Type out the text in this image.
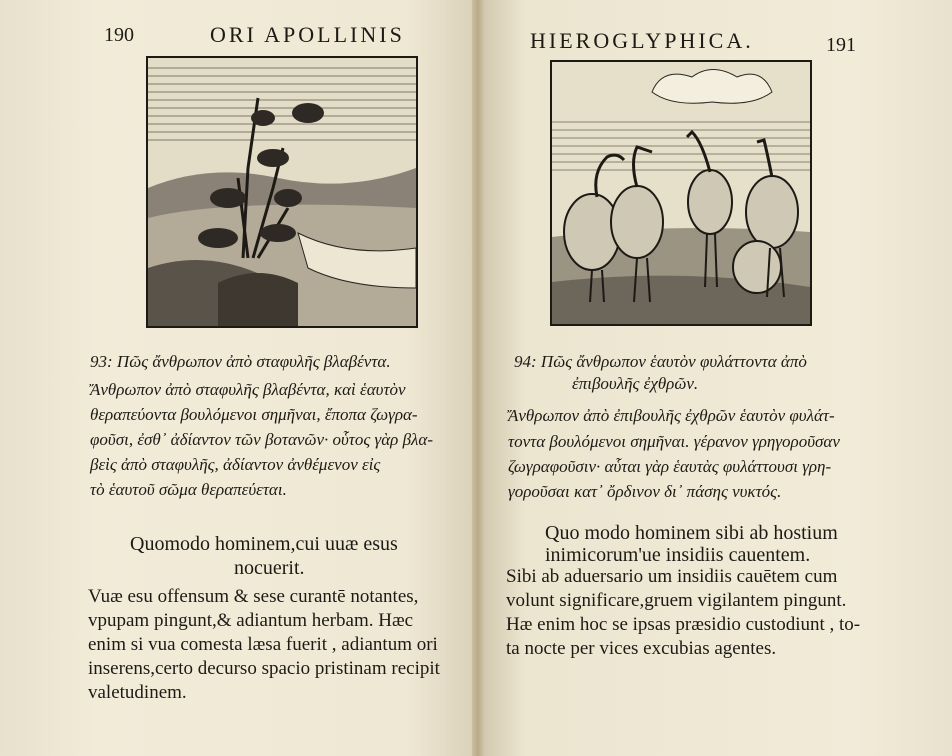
190	ORI APOLLINIS
93: Πῶς ἄνθρωπον ἀπὸ σταφυλῆς βλαβέντα.
Ἄνθρωπον ἀπὸ σταφυλῆς βλαβέντα, καὶ ἑαυτὸν
θεραπεύοντα βουλόμενοι σημῆναι, ἔποπα ζωγρα-
φοῦσι, ἐσθ᾽ ἀδίαντον τῶν βοτανῶν· οὗτος γὰρ βλα-
βεὶς ἀπὸ σταφυλῆς, ἀδίαντον ἀνθέμενον εἰς
τὸ ἑαυτοῦ σῶμα θεραπεύεται.
Quomodo hominem,cui uuæ esus
nocuerit.
Vuæ esu offensum & sese curantē notantes,
vpupam pingunt,& adiantum herbam. Hæc
enim si vua comesta læsa fuerit , adiantum ori
inserens,certo decurso spacio pristinam recipit
valetudinem.
HIEROGLYPHICA.	191
94: Πῶς ἄνθρωπον ἑαυτὸν φυλάττοντα ἀπὸ
ἐπιβουλῆς ἐχθρῶν.
Ἄνθρωπον ἀπὸ ἐπιβουλῆς ἐχθρῶν ἑαυτὸν φυλάτ-
τοντα βουλόμενοι σημῆναι. γέρανον γρηγοροῦσαν
ζωγραφοῦσιν· αὗται γὰρ ἑαυτὰς φυλάττουσι γρη-
γοροῦσαι κατ᾽ ὄρδινον δι᾽ πάσης νυκτός.
Quo modo hominem sibi ab hostium
inimicorum'ue insidiis cauentem.
Sibi ab aduersario um insidiis cauētem cum
volunt significare,gruem vigilantem pingunt.
Hæ enim hoc se ipsas præsidio custodiunt , to-
ta nocte per vices excubias agentes.
